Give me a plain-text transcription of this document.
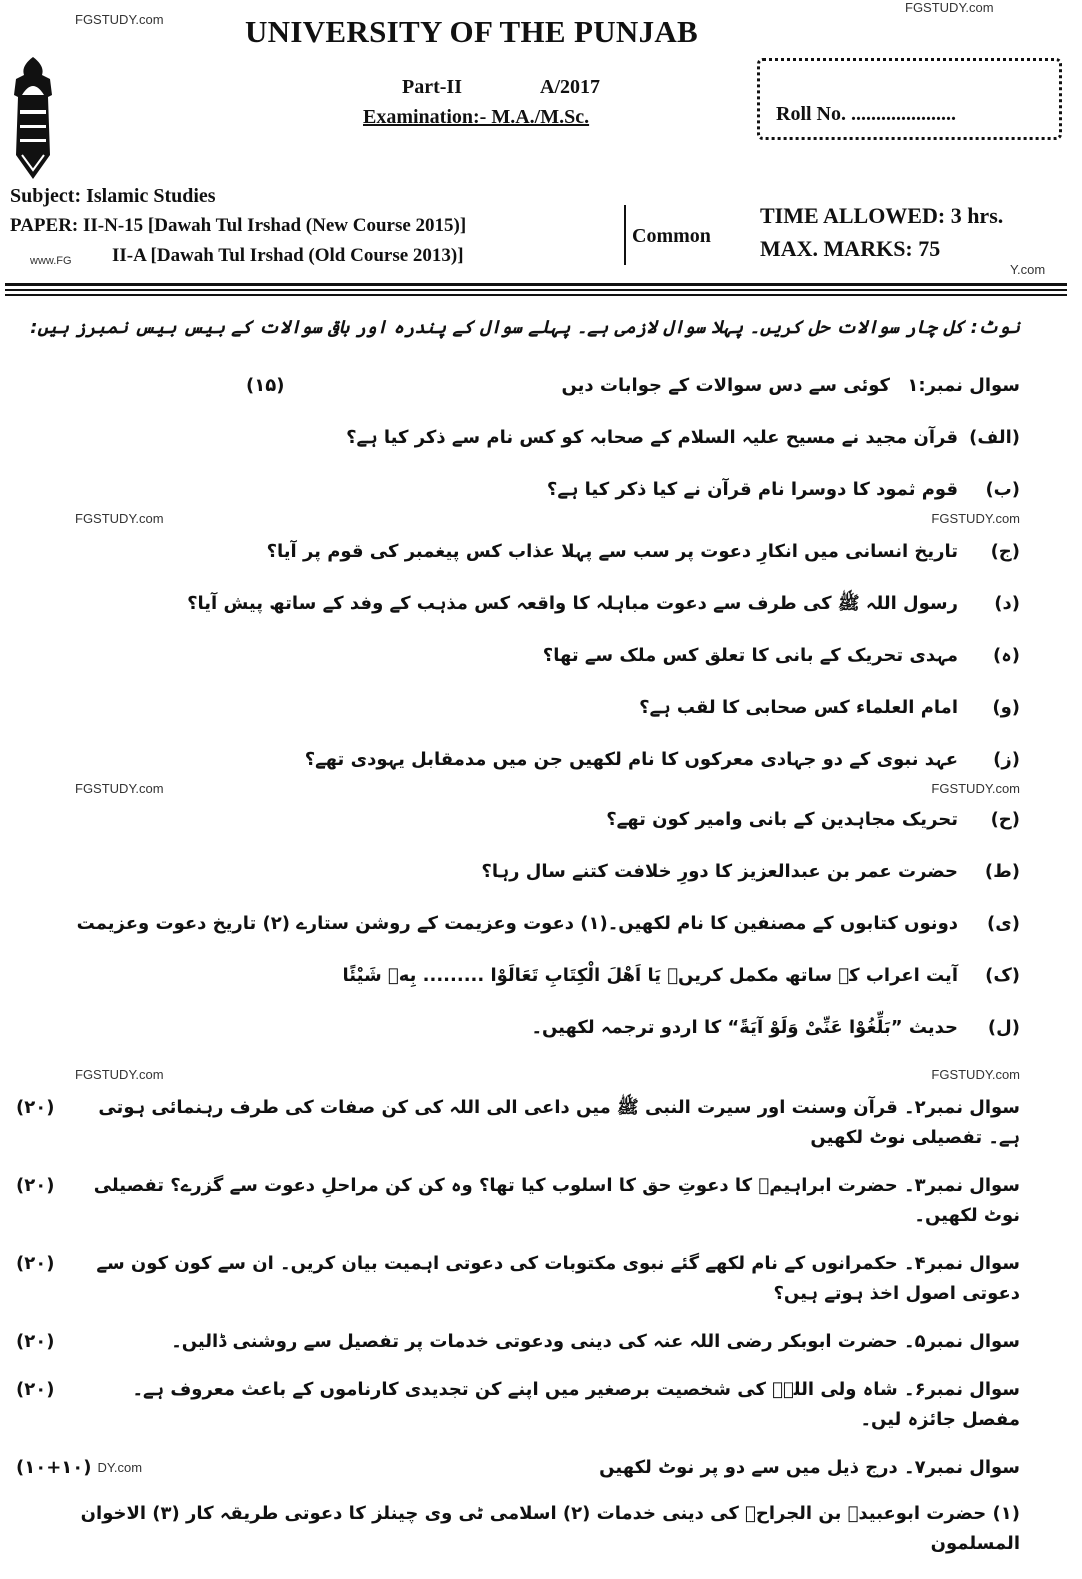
FGSTUDY.com
FGSTUDY.com
www.FG
Y.com
UNIVERSITY OF THE PUNJAB
Part-II	A/2017
Examination:- M.A./M.Sc.	Roll No. .....................
Subject: Islamic Studies
PAPER: II-N-15 [Dawah Tul Irshad (New Course 2015)]
II-A [Dawah Tul Irshad (Old Course 2013)]
Common
TIME ALLOWED: 3 hrs.
MAX. MARKS: 75
نوٹ: کل چار سوالات حل کریں۔ پہلا سوال لازمی ہے۔ پہلے سوال کے پندرہ اور باقی سوالات کے بیس بیس نمبرز ہیں:
سوال نمبر:۱
کوئی سے دس سوالات کے جوابات دیں
(۱۵)
(الف)
قرآن مجید نے مسیح علیہ السلام کے صحابہ کو کس نام سے ذکر کیا ہے؟
(ب)
قوم ثمود کا دوسرا نام قرآن نے کیا ذکر کیا ہے؟
FGSTUDY.com	FGSTUDY.com
(ج)
تاریخ انسانی میں انکارِ دعوت پر سب سے پہلا عذاب کس پیغمبر کی قوم پر آیا؟
(د)
رسول اللہ ﷺ کی طرف سے دعوت مباہلہ کا واقعہ کس مذہب کے وفد کے ساتھ پیش آیا؟
(ہ)
مہدی تحریک کے بانی کا تعلق کس ملک سے تھا؟
(و)
امام العلماء کس صحابی کا لقب ہے؟
(ز)
عہد نبوی کے دو جہادی معرکوں کا نام لکھیں جن میں مدمقابل یہودی تھے؟
FGSTUDY.com	FGSTUDY.com
(ح)
تحریک مجاہدین کے بانی وامیر کون تھے؟
(ط)
حضرت عمر بن عبدالعزیز کا دورِ خلافت کتنے سال رہا؟
(ی)
دونوں کتابوں کے مصنفین کا نام لکھیں۔(۱) دعوت وعزیمت کے روشن ستارے (۲) تاریخ دعوت وعزیمت
(ک)
آیت اعراب کے ساتھ مکمل کریں۔ یَا اَهْلَ الْكِتَابِ تَعَالَوْا ......... بِهٖ شَيْئًا
(ل)
حدیث ”بَلِّغُوْا عَنِّیْ وَلَوْ آيَةً“ کا اردو ترجمہ لکھیں۔
FGSTUDY.com	FGSTUDY.com
سوال نمبر۲۔ قرآن وسنت اور سیرت النبی ﷺ میں داعی الی اللہ کی کن صفات کی طرف رہنمائی ہوتی ہے۔ تفصیلی نوٹ لکھیں
(۲۰)
سوال نمبر۳۔ حضرت ابراہیمؑ کا دعوتِ حق کا اسلوب کیا تھا؟ وہ کن کن مراحلِ دعوت سے گزرے؟ تفصیلی نوٹ لکھیں۔
(۲۰)
سوال نمبر۴۔ حکمرانوں کے نام لکھے گئے نبوی مکتوبات کی دعوتی اہمیت بیان کریں۔ ان سے کون کون سے دعوتی اصول اخذ ہوتے ہیں؟
(۲۰)
سوال نمبر۵۔ حضرت ابوبکر رضی اللہ عنہ کی دینی ودعوتی خدمات پر تفصیل سے روشنی ڈالیں۔
(۲۰)
سوال نمبر۶۔ شاہ ولی اللہؒ کی شخصیت برصغیر میں اپنے کن تجدیدی کارناموں کے باعث معروف ہے۔ مفصل جائزہ لیں۔
(۲۰)
سوال نمبر۷۔ درج ذیل میں سے دو پر نوٹ لکھیں
DY.com
(۱۰+۱۰)
(۱) حضرت ابوعبیدہ بن الجراحؓ کی دینی خدمات (۲) اسلامی ٹی وی چینلز کا دعوتی طریقہ کار (۳) الاخوان المسلمون
